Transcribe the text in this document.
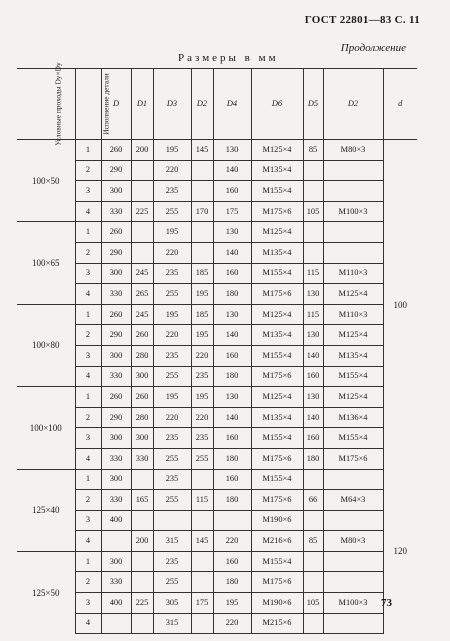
ГОСТ 22801—83 С. 11
Продолжение
Размеры в мм
Условные проходы Dy×Dy	Исполнение детали	D	D1	D3	D2	D4	D6	D5	D2	d
100×50	1	260	200	195	145	130	M125×4	85	M80×3	100
	2	290		220		140	M135×4			
	3	300		235		160	M155×4			
	4	330	225	255	170	175	M175×6	105	M100×3	
100×65	1	260		195		130	M125×4			
	2	290		220		140	M135×4			
	3	300	245	235	185	160	M155×4	115	M110×3	
	4	330	265	255	195	180	M175×6	130	M125×4	
100×80	1	260	245	195	185	130	M125×4	115	M110×3	
	2	290	260	220	195	140	M135×4	130	M125×4	
	3	300	280	235	220	160	M155×4	140	M135×4	
	4	330	300	255	235	180	M175×6	160	M155×4	
100×100	1	260	260	195	195	130	M125×4	130	M125×4	
	2	290	280	220	220	140	M135×4	140	M136×4	
	3	300	300	235	235	160	M155×4	160	M155×4	
	4	330	330	255	255	180	M175×6	180	M175×6	
125×40	1	300		235		160	M155×4			120
	2	330	165	255	115	180	M175×6	66	M64×3	
	3	400					M190×6			
	4		200	315	145	220	M216×6	85	M80×3	
125×50	1	300		235		160	M155×4			
	2	330		255		180	M175×6			
	3	400	225	305	175	195	M190×6	105	M100×3	
	4			315		220	M215×6			
73
